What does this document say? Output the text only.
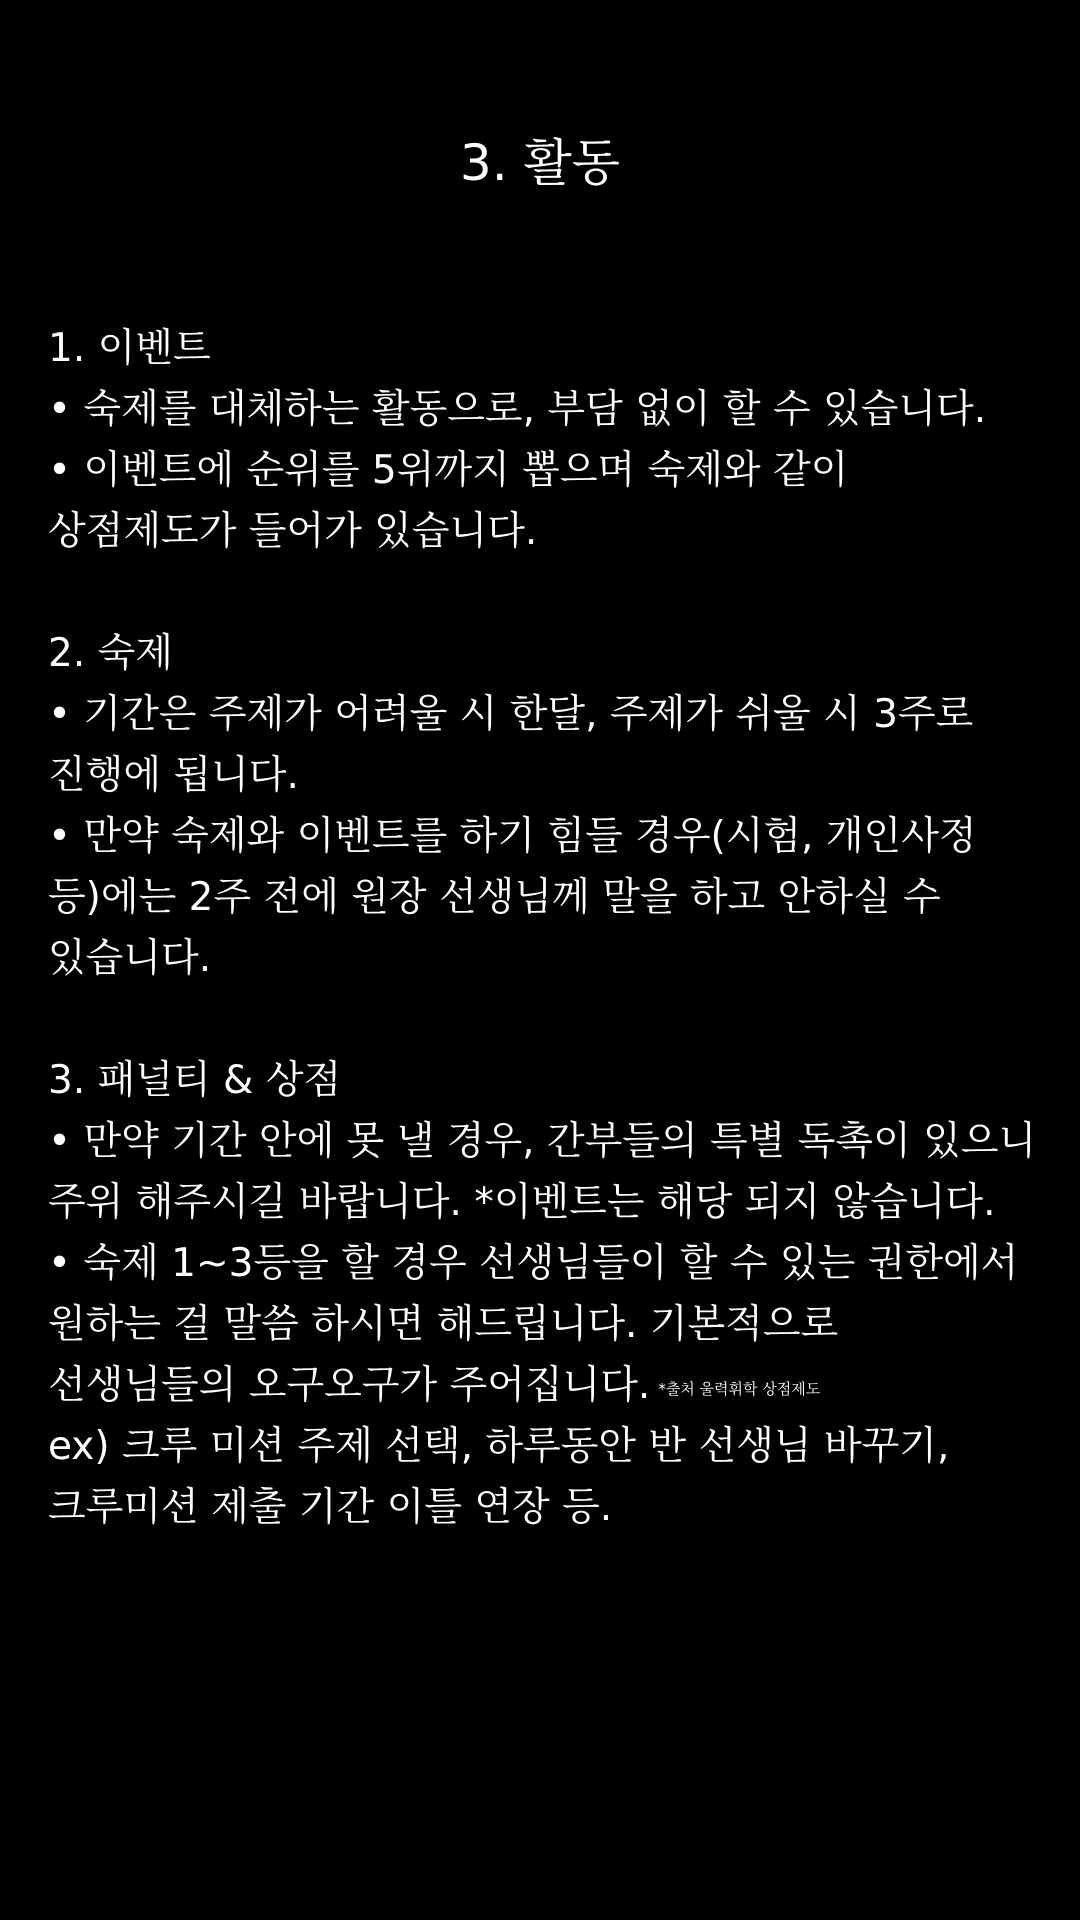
3. 활동
1. 이벤트
• 숙제를 대체하는 활동으로, 부담 없이 할 수 있습니다.
• 이벤트에 순위를 5위까지 뽑으며 숙제와 같이 상점제도가 들어가 있습니다.
2. 숙제
• 기간은 주제가 어려울 시 한달, 주제가 쉬울 시 3주로 진행에 됩니다.
• 만약 숙제와 이벤트를 하기 힘들 경우(시험, 개인사정 등)에는 2주 전에 원장 선생님께 말을 하고 안하실 수 있습니다.
3. 패널티 & 상점
• 만약 기간 안에 못 낼 경우, 간부들의 특별 독촉이 있으니 주위 해주시길 바랍니다. *이벤트는 해당 되지 않습니다.
• 숙제 1~3등을 할 경우 선생님들이 할 수 있는 권한에서 원하는 걸 말씀 하시면 해드립니다. 기본적으로 선생님들의 오구오구가 주어집니다. *출처 울력휘학 상점제도
ex) 크루 미션 주제 선택, 하루동안 반 선생님 바꾸기, 크루미션 제출 기간 이틀 연장 등.
